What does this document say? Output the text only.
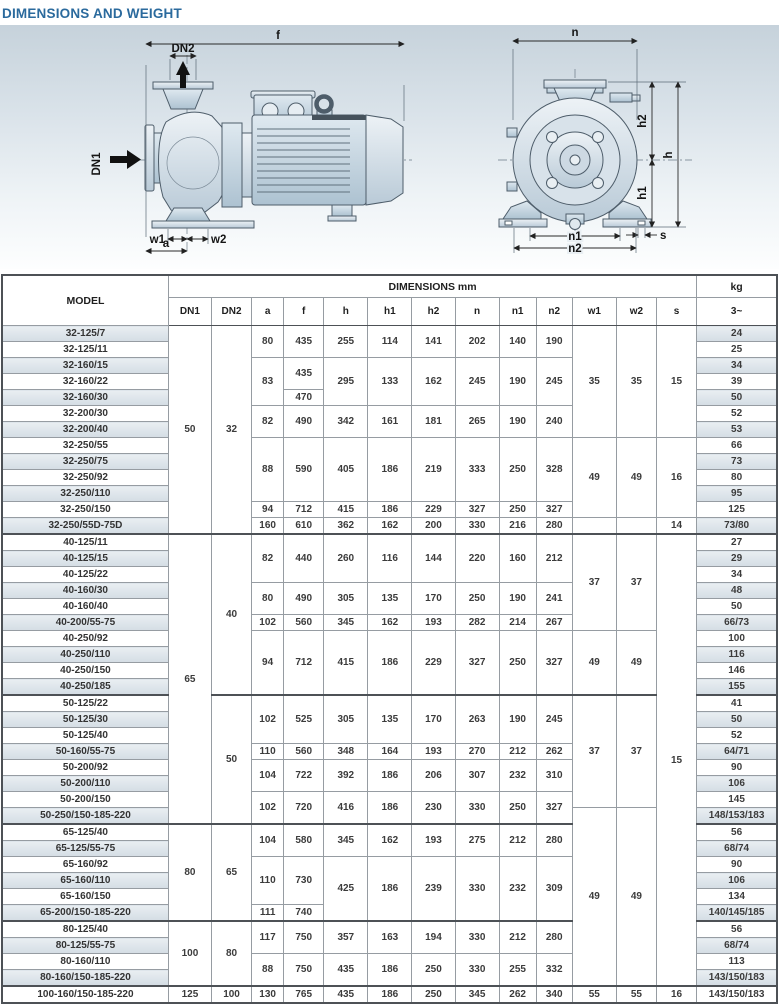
DIMENSIONS AND WEIGHT
f
DN2
DN1
w1	w2
a
n
h2
h
h1
s
n1
n2
MODEL	DIMENSIONS mm													kg
	DN1	DN2	a	f	h	h1	h2	n	n1	n2	w1	w2	s	3~
32-125/7	50	32	80	435	255	114	141	202	140	190	35	35	15	24
32-125/11														25
32-160/15			83	435	295	133	162	245	190	245				34
32-160/22														39
32-160/30				470										50
32-200/30			82	490	342	161	181	265	190	240				52
32-200/40														53
32-250/55			88	590	405	186	219	333	250	328	49	49	16	66
32-250/75														73
32-250/92														80
32-250/110														95
32-250/150			94	712	415	186	229	327	250	327				125
32-250/55D-75D			160	610	362	162	200	330	216	280			14	73/80
40-125/11	65	40	82	440	260	116	144	220	160	212	37	37	15	27
40-125/15														29
40-125/22														34
40-160/30			80	490	305	135	170	250	190	241				48
40-160/40														50
40-200/55-75			102	560	345	162	193	282	214	267				66/73
40-250/92			94	712	415	186	229	327	250	327	49	49		100
40-250/110														116
40-250/150														146
40-250/185														155
50-125/22		50	102	525	305	135	170	263	190	245	37	37		41
50-125/30														50
50-125/40														52
50-160/55-75			110	560	348	164	193	270	212	262				64/71
50-200/92			104	722	392	186	206	307	232	310				90
50-200/110														106
50-200/150			102	720	416	186	230	330	250	327				145
50-250/150-185-220											49	49		148/153/183
65-125/40	80	65	104	580	345	162	193	275	212	280				56
65-125/55-75														68/74
65-160/92			110	730	425	186	239	330	232	309				90
65-160/110														106
65-160/150														134
65-200/150-185-220			111	740										140/145/185
80-125/40	100	80	117	750	357	163	194	330	212	280				56
80-125/55-75														68/74
80-160/110			88	750	435	186	250	330	255	332				113
80-160/150-185-220														143/150/183
100-160/150-185-220	125	100	130	765	435	186	250	345	262	340	55	55	16	143/150/183
